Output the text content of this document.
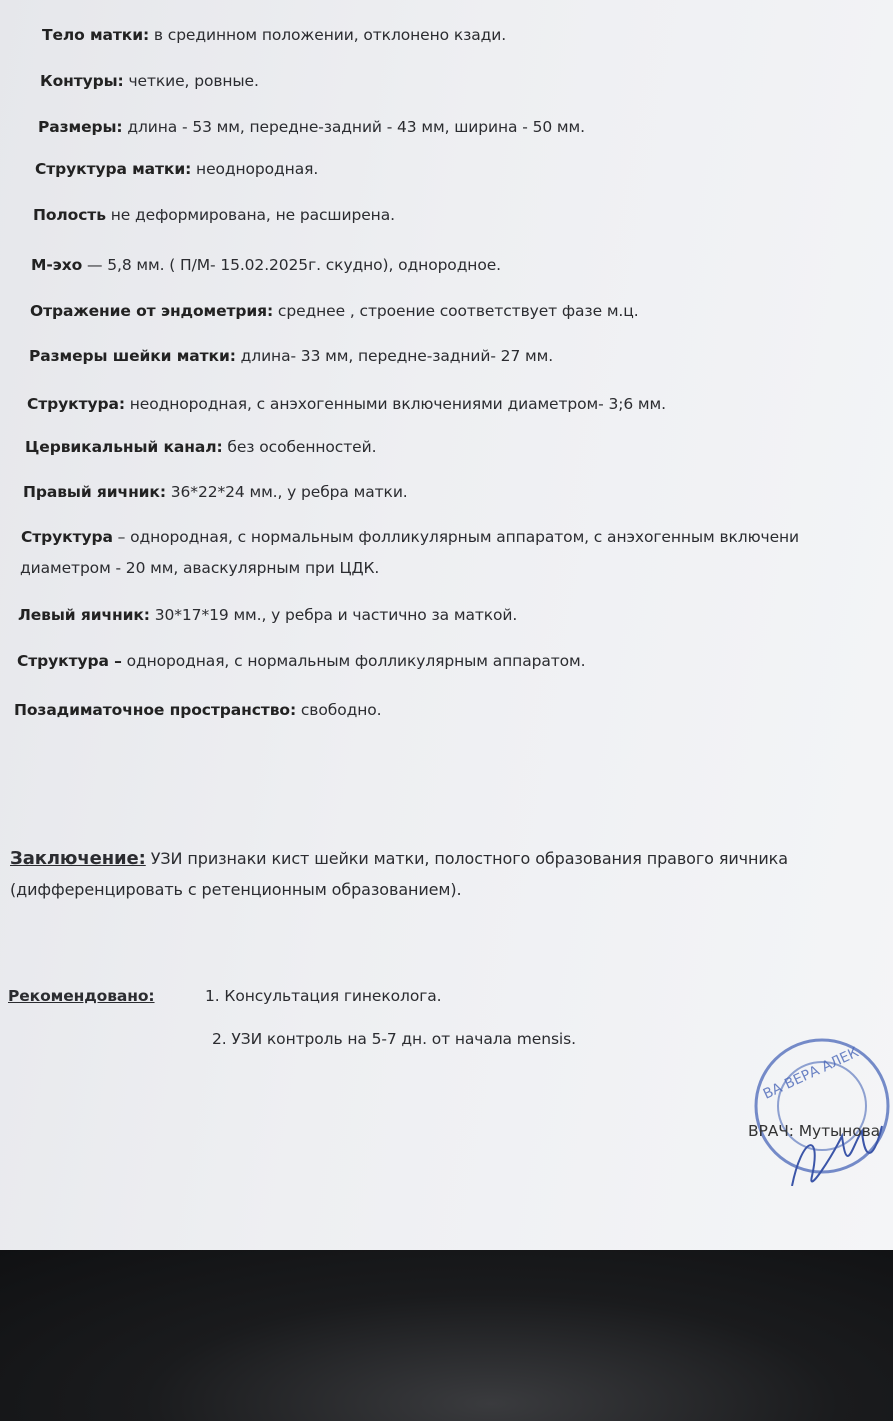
Тело матки: в срединном положении, отклонено кзади.
Контуры: четкие, ровные.
Размеры: длина - 53 мм, передне-задний - 43 мм, ширина - 50 мм.
Структура матки: неоднородная.
Полость не деформирована, не расширена.
М-эхо — 5,8 мм. ( П/М- 15.02.2025г. скудно), однородное.
Отражение от эндометрия: среднее , строение соответствует фазе м.ц.
Размеры шейки матки: длина- 33 мм, передне-задний- 27 мм.
Структура: неоднородная, с анэхогенными включениями диаметром- 3;6 мм.
Цервикальный канал: без особенностей.
Правый яичник: 36*22*24 мм., у ребра матки.
Структура – однородная, с нормальным фолликулярным аппаратом, с анэхогенным включени
диаметром - 20 мм, аваскулярным при ЦДК.
Левый яичник: 30*17*19 мм., у ребра и частично за маткой.
Структура – однородная, с нормальным фолликулярным аппаратом.
Позадиматочное пространство: свободно.
Заключение: УЗИ признаки кист шейки матки, полостного образования правого яичника
(дифференцировать с ретенционным образованием).
Рекомендовано:	1. Консультация гинеколога.
2. УЗИ контроль на 5-7 дн. от начала mensis.
ВА ВЕРА АЛЕК
ВРАЧ: Мутынова
